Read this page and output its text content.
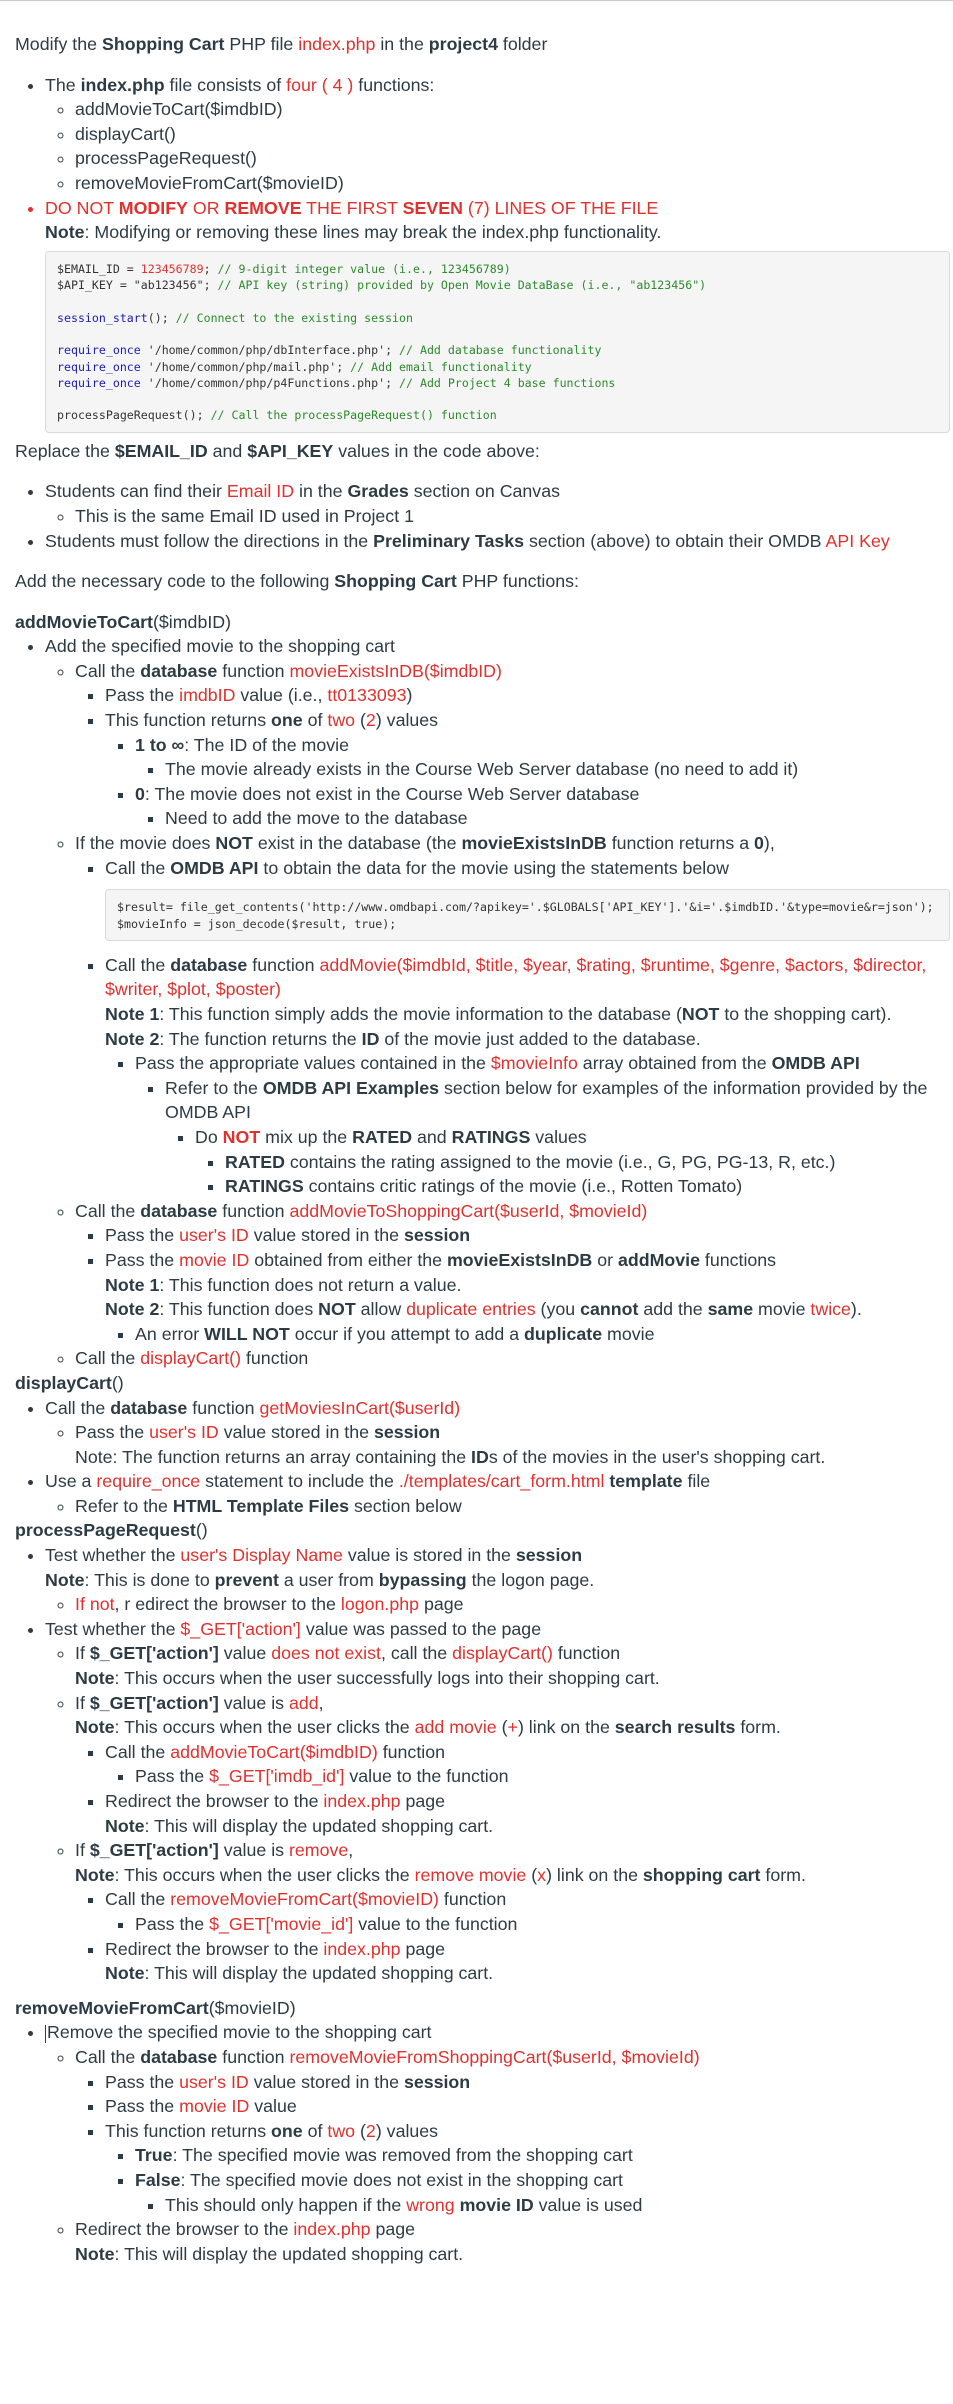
Modify the Shopping Cart PHP file index.php in the project4 folder

• The index.php file consists of four ( 4 ) functions:
◦ addMovieToCart($imdbID)
◦ displayCart()
◦ processPageRequest()
◦ removeMovieFromCart($movieID)
• DO NOT MODIFY OR REMOVE THE FIRST SEVEN (7) LINES OF THE FILE
Note: Modifying or removing these lines may break the index.php functionality.
$EMAIL_ID = 123456789; // 9-digit integer value (i.e., 123456789)
$API_KEY = "ab123456"; // API key (string) provided by Open Movie DataBase (i.e., "ab123456")

session_start(); // Connect to the existing session

require_once '/home/common/php/dbInterface.php'; // Add database functionality
require_once '/home/common/php/mail.php'; // Add email functionality
require_once '/home/common/php/p4Functions.php'; // Add Project 4 base functions

processPageRequest(); // Call the processPageRequest() function

Replace the $EMAIL_ID and $API_KEY values in the code above:

• Students can find their Email ID in the Grades section on Canvas
◦ This is the same Email ID used in Project 1
• Students must follow the directions in the Preliminary Tasks section (above) to obtain their OMDB API Key

Add the necessary code to the following Shopping Cart PHP functions:

addMovieToCart($imdbID)

• Add the specified movie to the shopping cart
◦ Call the database function movieExistsInDB($imdbID)
▪ Pass the imdbID value (i.e., tt0133093)
▪ This function returns one of two (2) values
▪ 1 to ∞: The ID of the movie
▪ The movie already exists in the Course Web Server database (no need to add it)
▪ 0: The movie does not exist in the Course Web Server database
▪ Need to add the move to the database
◦ If the movie does NOT exist in the database (the movieExistsInDB function returns a 0),
▪ Call the OMDB API to obtain the data for the movie using the statements below
$result= file_get_contents('http://www.omdbapi.com/?apikey='.$GLOBALS['API_KEY'].'&i='.$imdbID.'&type=movie&r=json');
$movieInfo = json_decode($result, true);
▪ Call the database function addMovie($imdbId, $title, $year, $rating, $runtime, $genre, $actors, $director, $writer, $plot, $poster)
Note 1: This function simply adds the movie information to the database (NOT to the shopping cart).
Note 2: The function returns the ID of the movie just added to the database.
▪ Pass the appropriate values contained in the $movieInfo array obtained from the OMDB API
▪ Refer to the OMDB API Examples section below for examples of the information provided by the OMDB API
▪ Do NOT mix up the RATED and RATINGS values
▪ RATED contains the rating assigned to the movie (i.e., G, PG, PG-13, R, etc.)
▪ RATINGS contains critic ratings of the movie (i.e., Rotten Tomato)
◦ Call the database function addMovieToShoppingCart($userId, $movieId)
▪ Pass the user's ID value stored in the session
▪ Pass the movie ID obtained from either the movieExistsInDB or addMovie functions
Note 1: This function does not return a value.
Note 2: This function does NOT allow duplicate entries (you cannot add the same movie twice).
▪ An error WILL NOT occur if you attempt to add a duplicate movie
◦ Call the displayCart() function

displayCart()

• Call the database function getMoviesInCart($userId)
◦ Pass the user's ID value stored in the session
Note: The function returns an array containing the IDs of the movies in the user's shopping cart.
• Use a require_once statement to include the ./templates/cart_form.html template file
◦ Refer to the HTML Template Files section below

processPageRequest()

• Test whether the user's Display Name value is stored in the session
Note: This is done to prevent a user from bypassing the logon page.
◦ If not, r edirect the browser to the logon.php page
• Test whether the $_GET['action'] value was passed to the page
◦ If $_GET['action'] value does not exist, call the displayCart() function
Note: This occurs when the user successfully logs into their shopping cart.
◦ If $_GET['action'] value is add,
Note: This occurs when the user clicks the add movie (+) link on the search results form.
▪ Call the addMovieToCart($imdbID) function
▪ Pass the $_GET['imdb_id'] value to the function
▪ Redirect the browser to the index.php page
Note: This will display the updated shopping cart.
◦ If $_GET['action'] value is remove,
Note: This occurs when the user clicks the remove movie (x) link on the shopping cart form.
▪ Call the removeMovieFromCart($movieID) function
▪ Pass the $_GET['movie_id'] value to the function
▪ Redirect the browser to the index.php page
Note: This will display the updated shopping cart.

removeMovieFromCart($movieID)

• Remove the specified movie to the shopping cart
◦ Call the database function removeMovieFromShoppingCart($userId, $movieId)
▪ Pass the user's ID value stored in the session
▪ Pass the movie ID value
▪ This function returns one of two (2) values
▪ True: The specified movie was removed from the shopping cart
▪ False: The specified movie does not exist in the shopping cart
▪ This should only happen if the wrong movie ID value is used
◦ Redirect the browser to the index.php page
Note: This will display the updated shopping cart.
